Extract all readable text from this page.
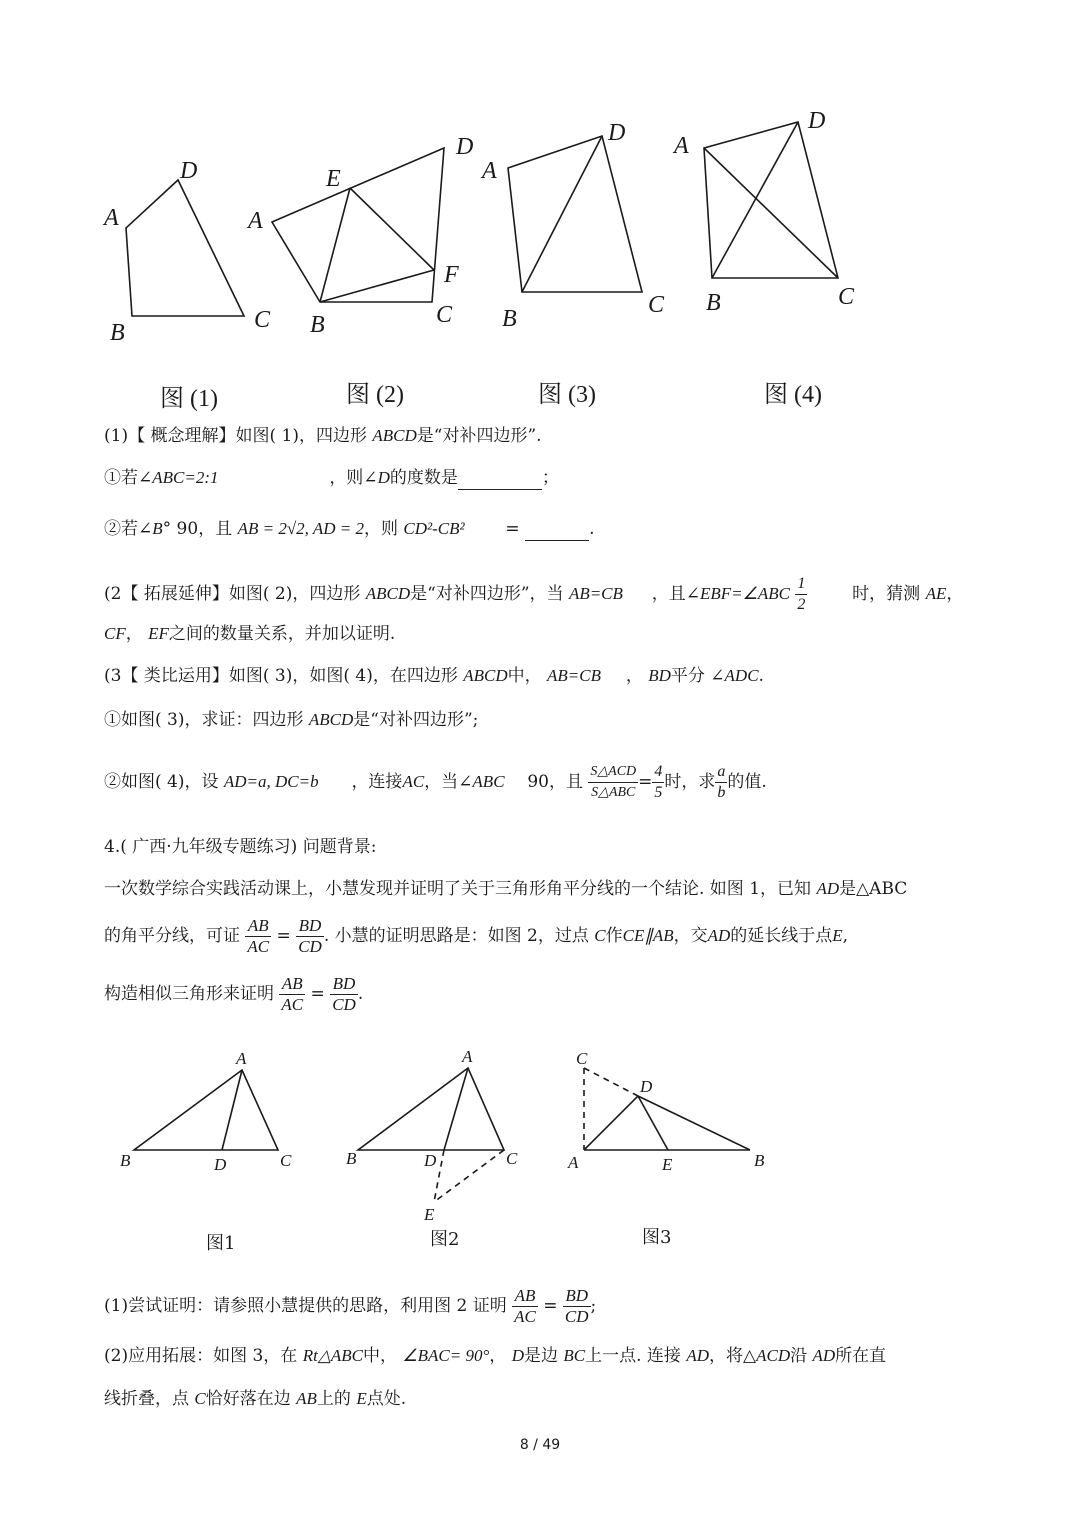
A
D
B	C
A
E
D
F
B	C
A
D
B
C
A
D
B	C
图 (1)	图 (2)	图 (3)	图 (4)
(1)【 概念理解】如图( 1)，四边形 ABCD是“对补四边形”.
①若∠ABC=2:1	，则∠D的度数是	；
②若∠B° 90，且 AB = 2√2, AD = 2，则 CD²-CB² =	.
(2【 拓展延伸】如图( 2)，四边形 ABCD是“对补四边形”，当 AB=CB ，且∠EBF=∠ABC $\frac{1}{2}$	时，猜测 AE，
CF， EF之间的数量关系，并加以证明.
(3【 类比运用】如图( 3)，如图( 4)，在四边形 ABCD中， AB=CB ， BD平分 ∠ADC.
①如图( 3)，求证：四边形 ABCD是“对补四边形”;
②如图( 4)，设 AD=a, DC=b ，连接AC，当∠ABC 90，且 $\frac{\text{S△ACD}}{\text{S△ABC}} = \frac{4}{5}$ 时，求 $\frac{a}{b}$ 的值.
4.( 广西·九年级专题练习) 问题背景:
一次数学综合实践活动课上，小慧发现并证明了关于三角形角平分线的一个结论. 如图 1，已知 AD是△ABC
的角平分线，可证 $\frac{AB}{AC} = \frac{BD}{CD}$ . 小慧的证明思路是：如图 2，过点 C作CE∥AB，交AD的延长线于点E,
构造相似三角形来证明 $\frac{AB}{AC} = \frac{BD}{CD}$ .
A
B	D	C
A
B	D	C
E
C
D
A	E	B
图1	图2	图3
(1)尝试证明：请参照小慧提供的思路，利用图 2 证明 $\frac{AB}{AC} = \frac{BD}{CD}$ ;
(2)应用拓展：如图 3，在 Rt△ABC中， ∠BAC= 90°， D是边 BC上一点. 连接 AD，将△ACD沿 AD所在直
线折叠，点 C恰好落在边 AB上的 E点处.
8 / 49
